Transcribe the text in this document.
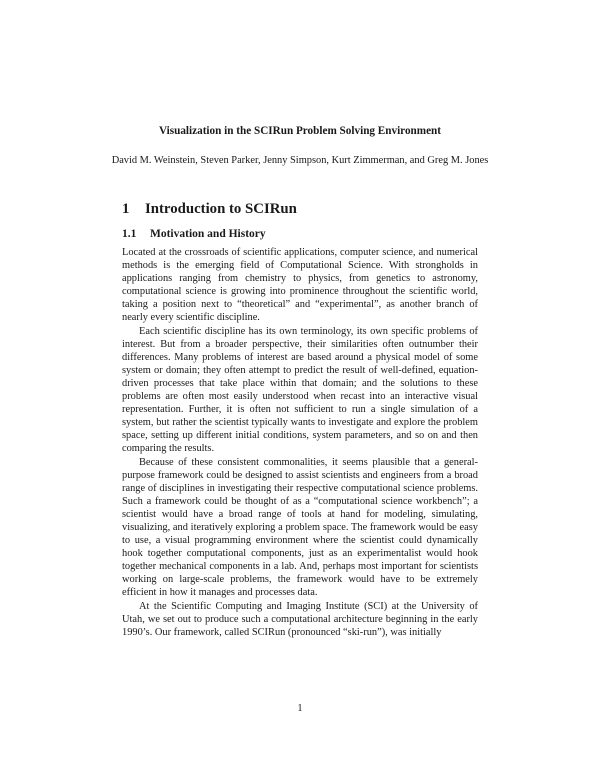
Visualization in the SCIRun Problem Solving Environment
David M. Weinstein, Steven Parker, Jenny Simpson, Kurt Zimmerman, and Greg M. Jones
1 Introduction to SCIRun
1.1 Motivation and History

Located at the crossroads of scientific applications, computer science, and numerical methods is the emerging field of Computational Science. With strongholds in applications ranging from chemistry to physics, from genetics to astronomy, computational science is growing into prominence throughout the scientific world, taking a position next to “theoretical” and “experimental”, as another branch of nearly every scientific discipline.

Each scientific discipline has its own terminology, its own specific problems of interest. But from a broader perspective, their similarities often outnumber their differences. Many problems of interest are based around a physical model of some system or domain; they often attempt to predict the result of well-defined, equation-driven processes that take place within that domain; and the solutions to these problems are often most easily understood when recast into an interactive visual representation. Further, it is often not sufficient to run a single simulation of a system, but rather the scientist typically wants to investigate and explore the problem space, setting up different initial conditions, system parameters, and so on and then comparing the results.

Because of these consistent commonalities, it seems plausible that a general-purpose framework could be designed to assist scientists and engineers from a broad range of disciplines in investigating their respective computational science problems. Such a framework could be thought of as a “computational science workbench”; a scientist would have a broad range of tools at hand for modeling, simulating, visualizing, and iteratively exploring a problem space. The framework would be easy to use, a visual programming environment where the scientist could dynamically hook together computational components, just as an experimentalist would hook together mechanical components in a lab. And, perhaps most important for scientists working on large-scale problems, the framework would have to be extremely efficient in how it manages and processes data.

At the Scientific Computing and Imaging Institute (SCI) at the University of Utah, we set out to produce such a computational architecture beginning in the early 1990’s. Our framework, called SCIRun (pronounced “ski-run”), was initially

1
